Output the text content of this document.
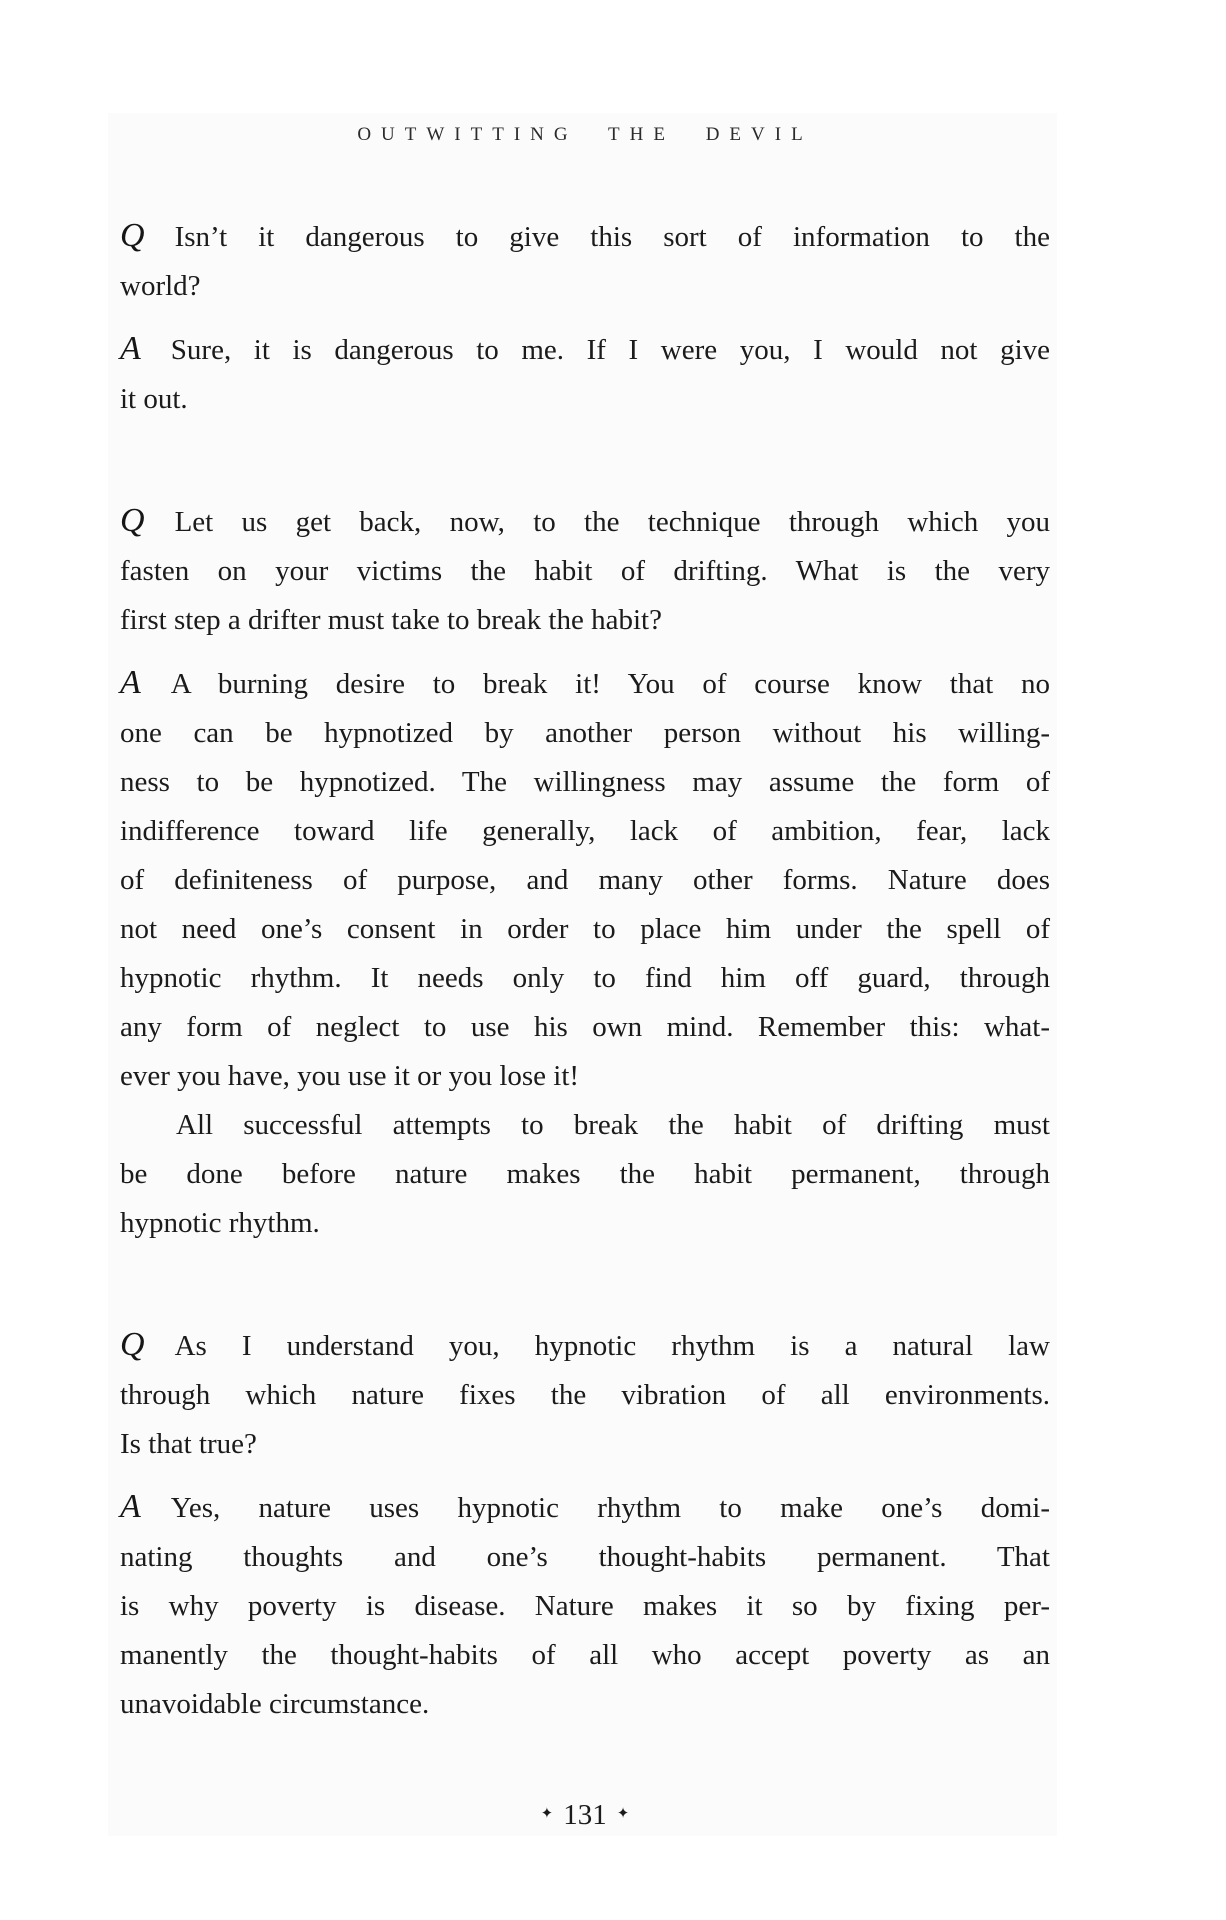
OUTWITTING THE DEVIL
Q Isn’t it dangerous to give this sort of information to the
world?
A Sure, it is dangerous to me. If I were you, I would not give
it out.
Q Let us get back, now, to the technique through which you
fasten on your victims the habit of drifting. What is the very
first step a drifter must take to break the habit?
A A burning desire to break it! You of course know that no
one can be hypnotized by another person without his willing-
ness to be hypnotized. The willingness may assume the form of
indifference toward life generally, lack of ambition, fear, lack
of definiteness of purpose, and many other forms. Nature does
not need one’s consent in order to place him under the spell of
hypnotic rhythm. It needs only to find him off guard, through
any form of neglect to use his own mind. Remember this: what-
ever you have, you use it or you lose it!
All successful attempts to break the habit of drifting must
be done before nature makes the habit permanent, through
hypnotic rhythm.
Q As I understand you, hypnotic rhythm is a natural law
through which nature fixes the vibration of all environments.
Is that true?
A Yes, nature uses hypnotic rhythm to make one’s domi-
nating thoughts and one’s thought-habits permanent. That
is why poverty is disease. Nature makes it so by fixing per-
manently the thought-habits of all who accept poverty as an
unavoidable circumstance.
✦ 131 ✦
